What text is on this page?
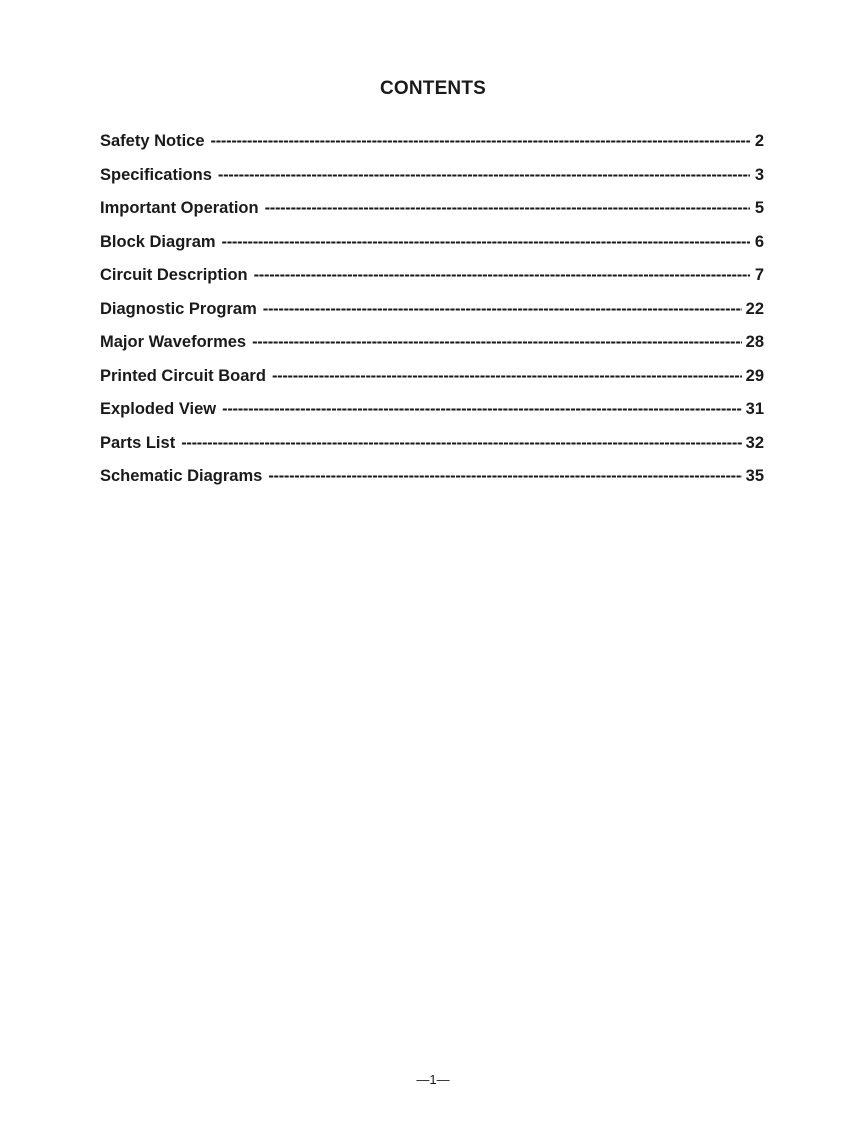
CONTENTS
Safety Notice -----	2
Specifications -----	3
Important Operation -----	5
Block Diagram -----	6
Circuit Description -----	7
Diagnostic Program -----	22
Major Waveformes -----	28
Printed Circuit Board -----	29
Exploded View -----	31
Parts List -----	32
Schematic Diagrams -----	35
—1—
